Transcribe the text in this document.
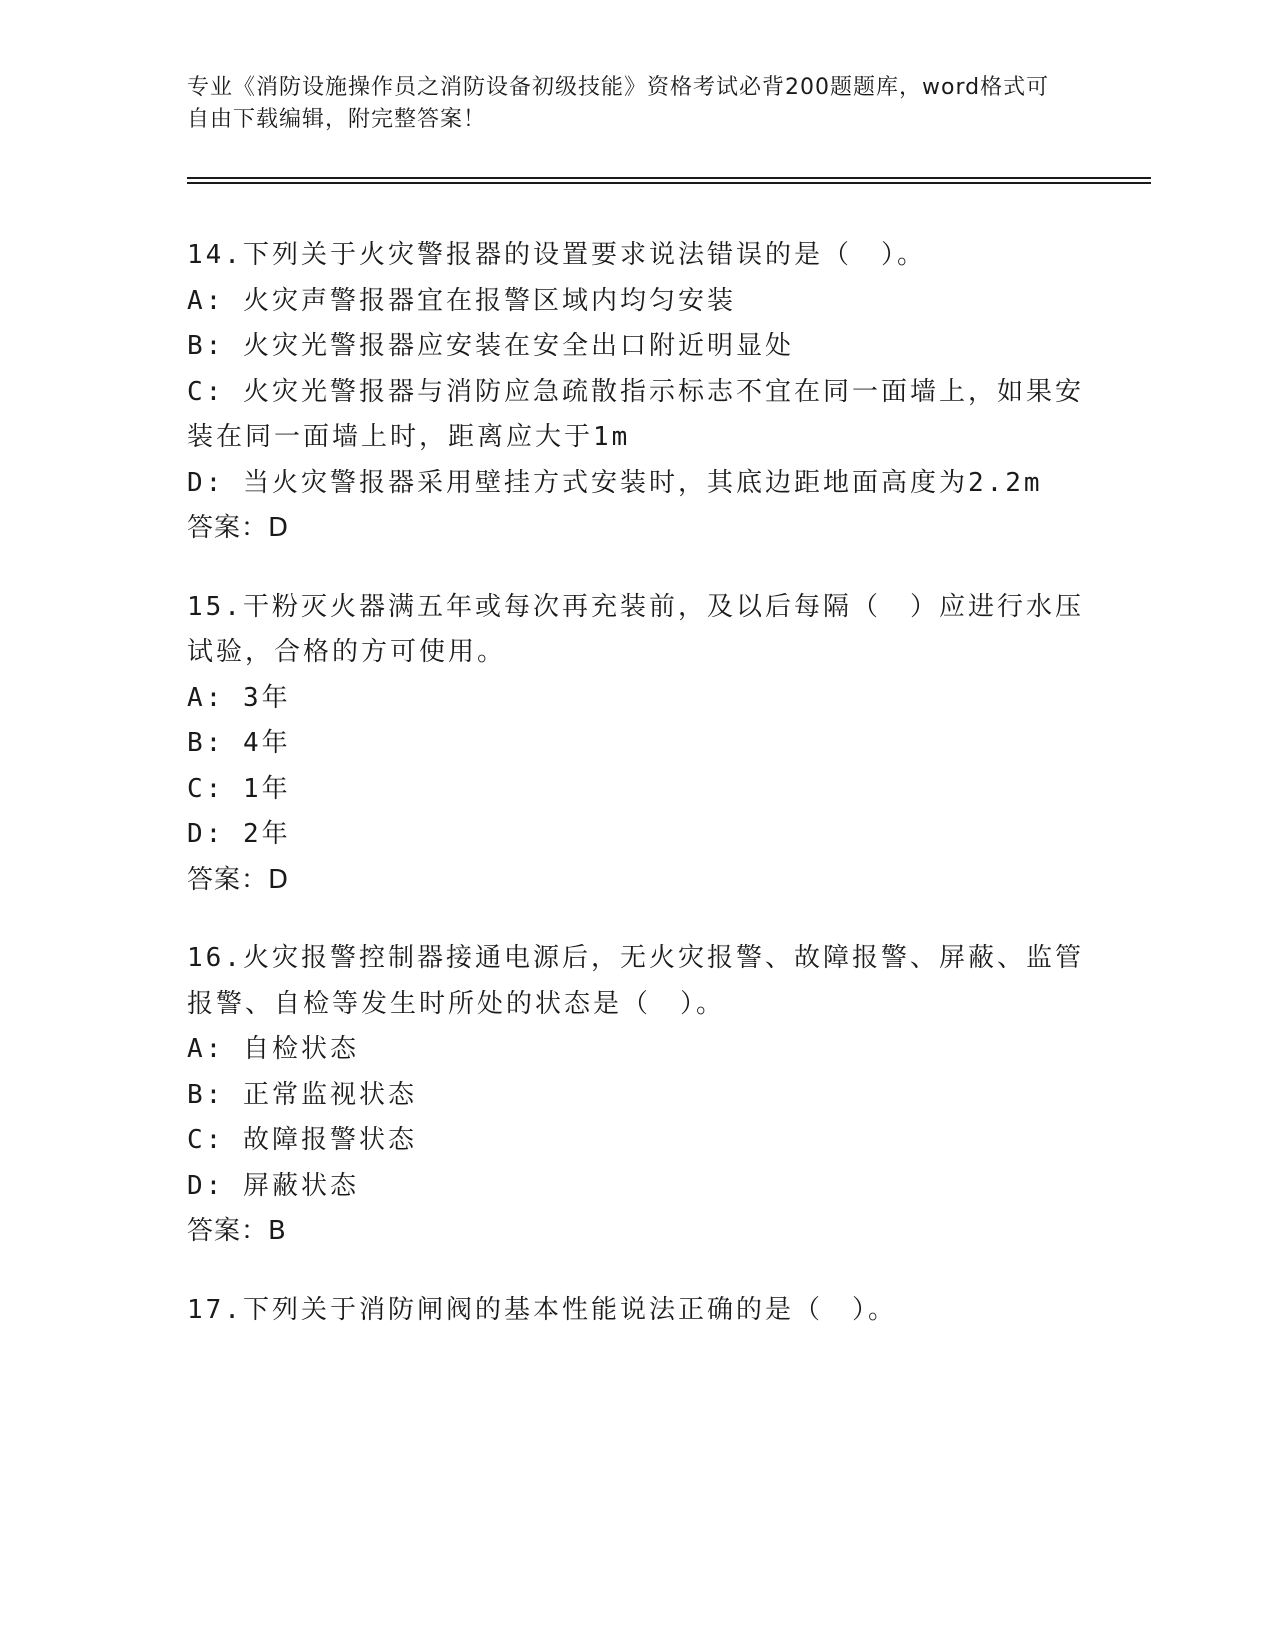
专业《消防设施操作员之消防设备初级技能》资格考试必背200题题库，word格式可自由下载编辑，附完整答案！
14.下列关于火灾警报器的设置要求说法错误的是（　）。
A: 火灾声警报器宜在报警区域内均匀安装
B: 火灾光警报器应安装在安全出口附近明显处
C: 火灾光警报器与消防应急疏散指示标志不宜在同一面墙上，如果安装在同一面墙上时，距离应大于1m
D: 当火灾警报器采用壁挂方式安装时，其底边距地面高度为2.2m
答案：D
15.干粉灭火器满五年或每次再充装前，及以后每隔（　）应进行水压试验，合格的方可使用。
A: 3年
B: 4年
C: 1年
D: 2年
答案：D
16.火灾报警控制器接通电源后，无火灾报警、故障报警、屏蔽、监管报警、自检等发生时所处的状态是（　）。
A: 自检状态
B: 正常监视状态
C: 故障报警状态
D: 屏蔽状态
答案：B
17.下列关于消防闸阀的基本性能说法正确的是（　）。
